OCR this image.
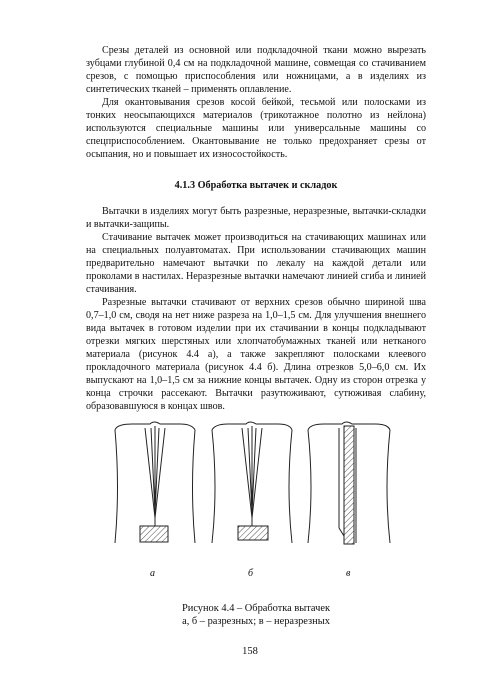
Срезы деталей из основной или подкладочной ткани можно вырезать зубцами глубиной 0,4 см на подкладочной машине, совмещая со стачиванием срезов, с помощью приспособления или ножницами, а в изделиях из синтетических тканей – применять оплавление.

Для окантовывания срезов косой бейкой, тесьмой или полосками из тонких неосыпающихся материалов (трикотажное полотно из нейлона) используются специальные машины или универсальные машины со спецприспособлением. Окантовывание не только предохраняет срезы от осыпания, но и повышает их износостойкость.

4.1.3 Обработка вытачек и складок

Вытачки в изделиях могут быть разрезные, неразрезные, вытачки-складки и вытачки-защипы.

Стачивание вытачек может производиться на стачивающих машинах или на специальных полуавтоматах. При использовании стачивающих машин предварительно намечают вытачки по лекалу на каждой детали или проколами в настилах. Неразрезные вытачки намечают линией сгиба и линией стачивания.

Разрезные вытачки стачивают от верхних срезов обычно шириной шва 0,7–1,0 см, сводя на нет ниже разреза на 1,0–1,5 см. Для улучшения внешнего вида вытачек в готовом изделии при их стачивании в концы подкладывают отрезки мягких шерстяных или хлопчатобумажных тканей или нетканого материала (рисунок 4.4 а), а также закрепляют полосками клеевого прокладочного материала (рисунок 4.4 б). Длина отрезков 5,0–6,0 см. Их выпускают на 1,0–1,5 см за нижние концы вытачек. Одну из сторон отрезка у конца строчки рассекают. Вытачки разутюживают, сутюживая слабину, образовавшуюся в концах швов.

а	б	в
Рисунок 4.4 – Обработка вытачек
а, б – разрезных; в – неразрезных
158
